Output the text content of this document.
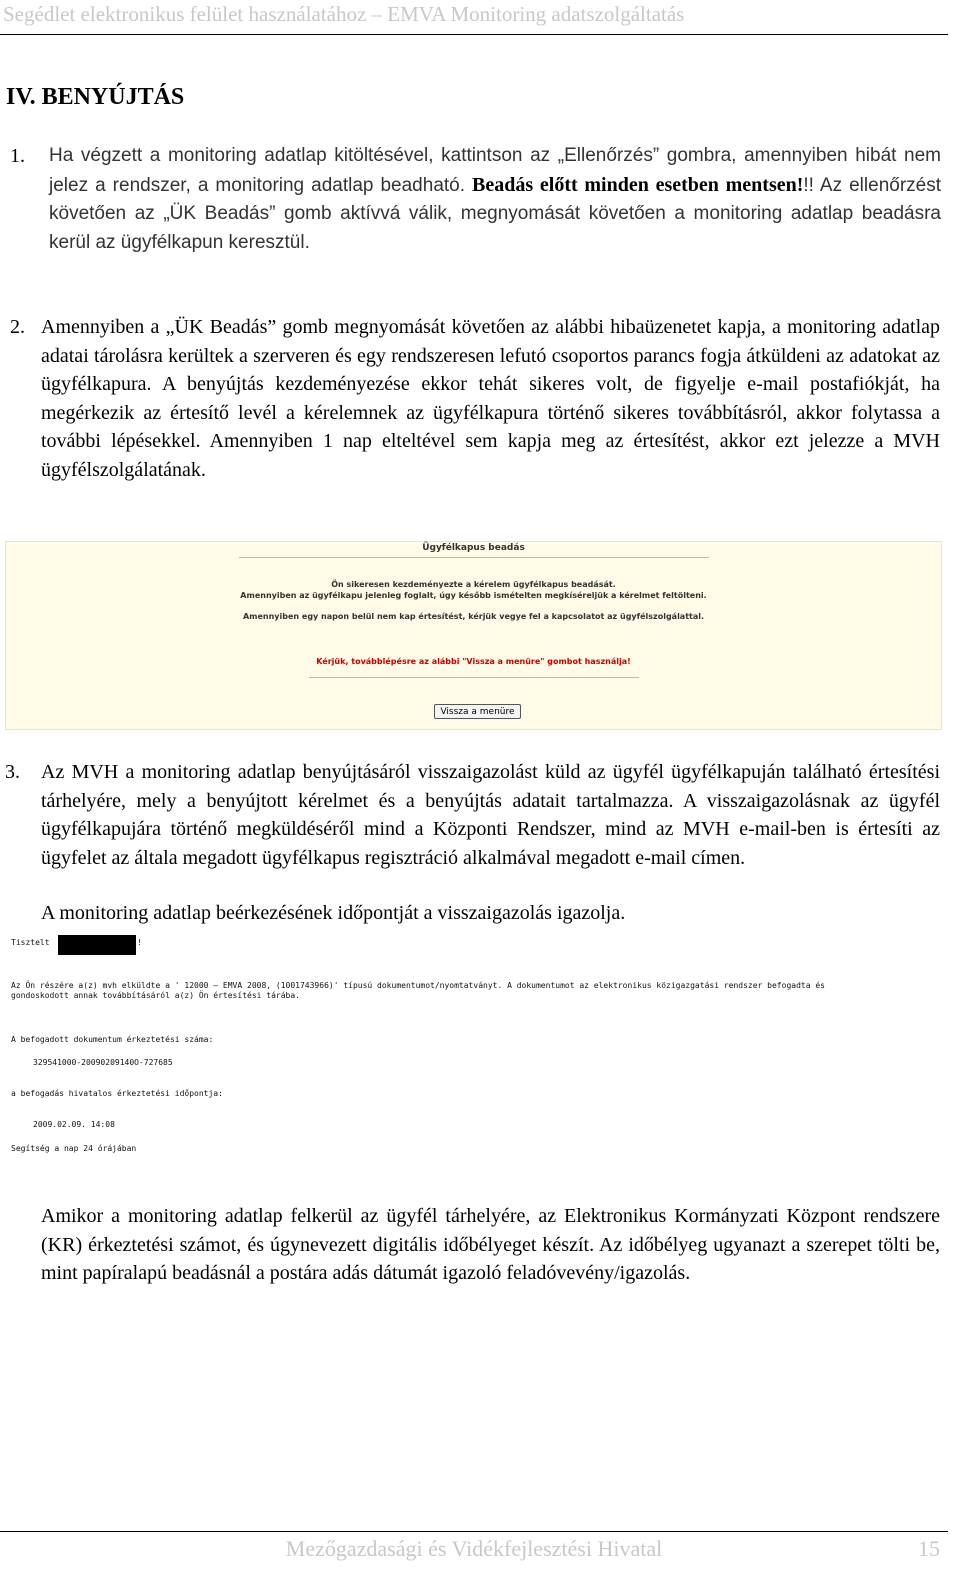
Segédlet elektronikus felület használatához – EMVA Monitoring adatszolgáltatás
IV. BENYÚJTÁS
1. Ha végzett a monitoring adatlap kitöltésével, kattintson az „Ellenőrzés” gombra, amennyiben hibát nem jelez a rendszer, a monitoring adatlap beadható. Beadás előtt minden esetben mentsen!!! Az ellenőrzést követően az „ÜK Beadás” gomb aktívvá válik, megnyomását követően a monitoring adatlap beadásra kerül az ügyfélkapun keresztül.

2. Amennyiben a „ÜK Beadás” gomb megnyomását követően az alábbi hibaüzenetet kapja, a monitoring adatlap adatai tárolásra kerültek a szerveren és egy rendszeresen lefutó csoportos parancs fogja átküldeni az adatokat az ügyfélkapura. A benyújtás kezdeményezése ekkor tehát sikeres volt, de figyelje e-mail postafiókját, ha megérkezik az értesítő levél a kérelemnek az ügyfélkapura történő sikeres továbbításról, akkor folytassa a további lépésekkel. Amennyiben 1 nap elteltével sem kapja meg az értesítést, akkor ezt jelezze a MVH ügyfélszolgálatának.

Ügyfélkapus beadás
Ön sikeresen kezdeményezte a kérelem ügyfélkapus beadását.
Amennyiben az ügyfélkapu jelenleg foglalt, úgy később ismételten megkíséreljük a kérelmet feltölteni.
Amennyiben egy napon belül nem kap értesítést, kérjük vegye fel a kapcsolatot az ügyfélszolgálattal.
Kérjük, továbblépésre az alábbi "Vissza a menüre" gombot használja!
Vissza a menüre
3. Az MVH a monitoring adatlap benyújtásáról visszaigazolást küld az ügyfél ügyfélkapuján található értesítési tárhelyére, mely a benyújtott kérelmet és a benyújtás adatait tartalmazza. A visszaigazolásnak az ügyfél ügyfélkapujára történő megküldéséről mind a Központi Rendszer, mind az MVH e-mail-ben is értesíti az ügyfelet az általa megadott ügyfélkapus regisztráció alkalmával megadott e-mail címen.

A monitoring adatlap beérkezésének időpontját a visszaigazolás igazolja.

Tisztelt	!
Az Ön részére a(z) mvh elküldte a ' 12000 – EMVA 2008, (1001743966)' típusú dokumentumot/nyomtatványt. A dokumentumot az elektronikus közigazgatási rendszer befogadta és
gondoskodott annak továbbításáról a(z) Ön értesítési tárába.
A befogadott dokumentum érkeztetési száma:
329541000-20090209140O-727685
a befogadás hivatalos érkeztetési időpontja:
2009.02.09. 14:08
Segítség a nap 24 órájában

Amikor a monitoring adatlap felkerül az ügyfél tárhelyére, az Elektronikus Kormányzati Központ rendszere (KR) érkeztetési számot, és úgynevezett digitális időbélyeget készít. Az időbélyeg ugyanazt a szerepet tölti be, mint papíralapú beadásnál a postára adás dátumát igazoló feladóvevény/igazolás.

Mezőgazdasági és Vidékfejlesztési Hivatal	15
